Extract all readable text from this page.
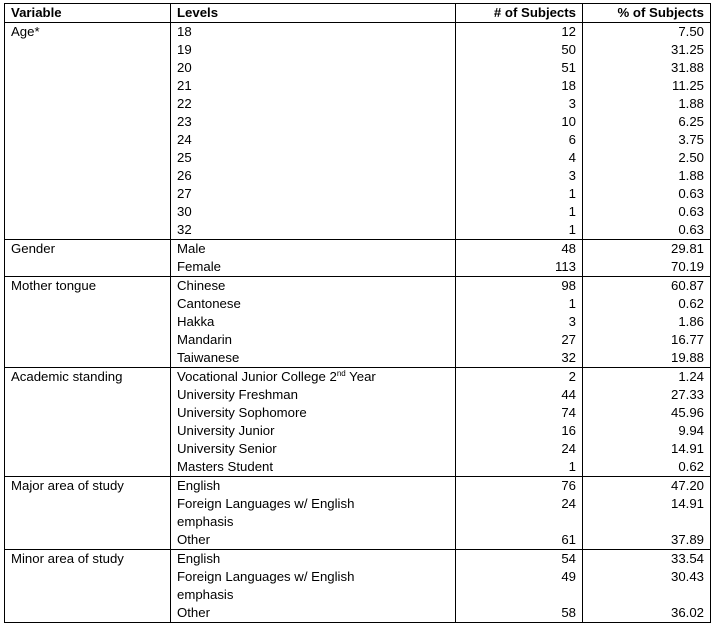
Variable	Levels	# of Subjects	% of Subjects
Age*	18	12	7.50
	19	50	31.25
	20	51	31.88
	21	18	11.25
	22	3	1.88
	23	10	6.25
	24	6	3.75
	25	4	2.50
	26	3	1.88
	27	1	0.63
	30	1	0.63
	32	1	0.63
Gender	Male	48	29.81
	Female	113	70.19
Mother tongue	Chinese	98	60.87
	Cantonese	1	0.62
	Hakka	3	1.86
	Mandarin	27	16.77
	Taiwanese	32	19.88
Academic standing	Vocational Junior College 2nd Year	2	1.24
	University Freshman	44	27.33
	University Sophomore	74	45.96
	University Junior	16	9.94
	University Senior	24	14.91
	Masters Student	1	0.62
Major area of study	English	76	47.20
	Foreign Languages w/ English	24	14.91
	emphasis		
	Other	61	37.89
Minor area of study	English	54	33.54
	Foreign Languages w/ English	49	30.43
	emphasis		
	Other	58	36.02
